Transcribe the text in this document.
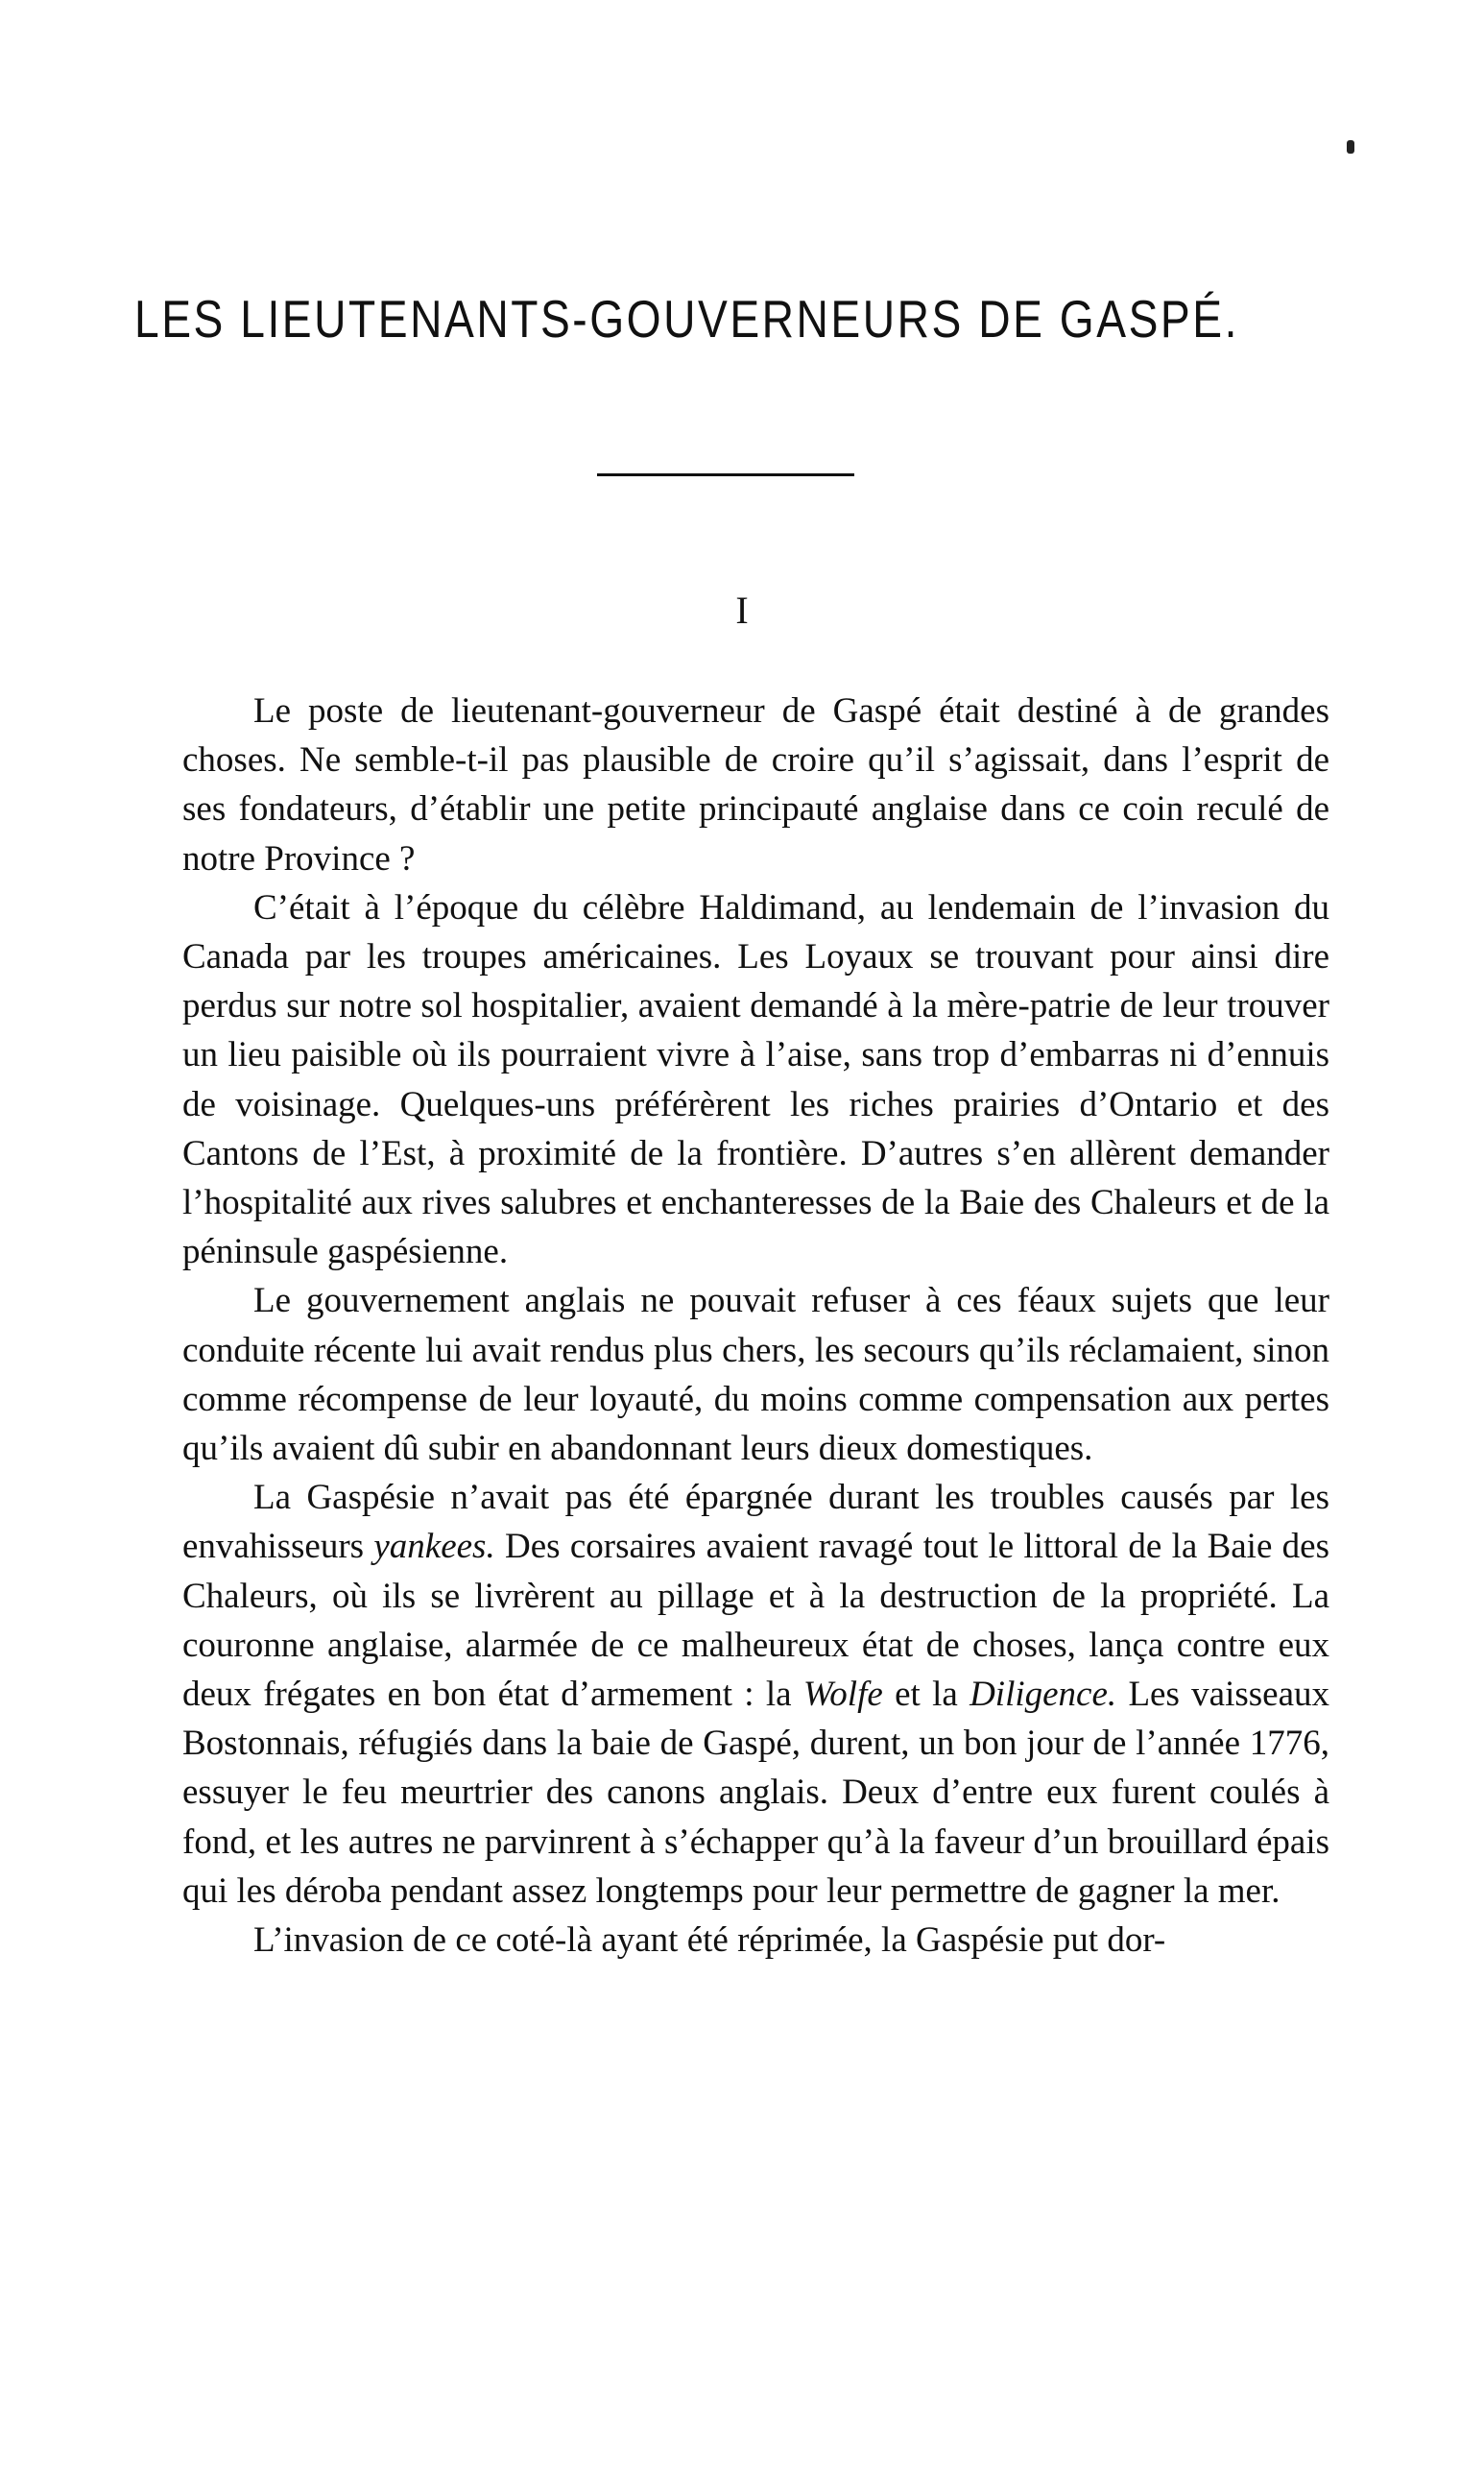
LES LIEUTENANTS-GOUVERNEURS DE GASPÉ.
I

Le poste de lieutenant-gouverneur de Gaspé était destiné à de grandes choses. Ne semble-t-il pas plausible de croire qu’il s’agissait, dans l’esprit de ses fondateurs, d’établir une petite principauté anglaise dans ce coin reculé de notre Province ?

C’était à l’époque du célèbre Haldimand, au lendemain de l’invasion du Canada par les troupes américaines. Les Loyaux se trouvant pour ainsi dire perdus sur notre sol hospitalier, avaient demandé à la mère-patrie de leur trouver un lieu paisible où ils pourraient vivre à l’aise, sans trop d’embarras ni d’ennuis de voisinage. Quelques-uns préférèrent les riches prairies d’Ontario et des Cantons de l’Est, à proximité de la frontière. D’autres s’en allèrent demander l’hospitalité aux rives salubres et enchanteresses de la Baie des Chaleurs et de la péninsule gaspésienne.

Le gouvernement anglais ne pouvait refuser à ces féaux sujets que leur conduite récente lui avait rendus plus chers, les secours qu’ils réclamaient, sinon comme récompense de leur loyauté, du moins comme compensation aux pertes qu’ils avaient dû subir en abandonnant leurs dieux domestiques.

La Gaspésie n’avait pas été épargnée durant les troubles causés par les envahisseurs yankees. Des corsaires avaient ravagé tout le littoral de la Baie des Chaleurs, où ils se livrèrent au pillage et à la destruction de la propriété. La couronne anglaise, alarmée de ce malheureux état de choses, lança contre eux deux frégates en bon état d’armement : la Wolfe et la Diligence. Les vaisseaux Bostonnais, réfugiés dans la baie de Gaspé, durent, un bon jour de l’année 1776, essuyer le feu meurtrier des canons anglais. Deux d’entre eux furent coulés à fond, et les autres ne parvinrent à s’échapper qu’à la faveur d’un brouillard épais qui les déroba pendant assez longtemps pour leur permettre de gagner la mer.

L’invasion de ce coté-là ayant été réprimée, la Gaspésie put dor-
